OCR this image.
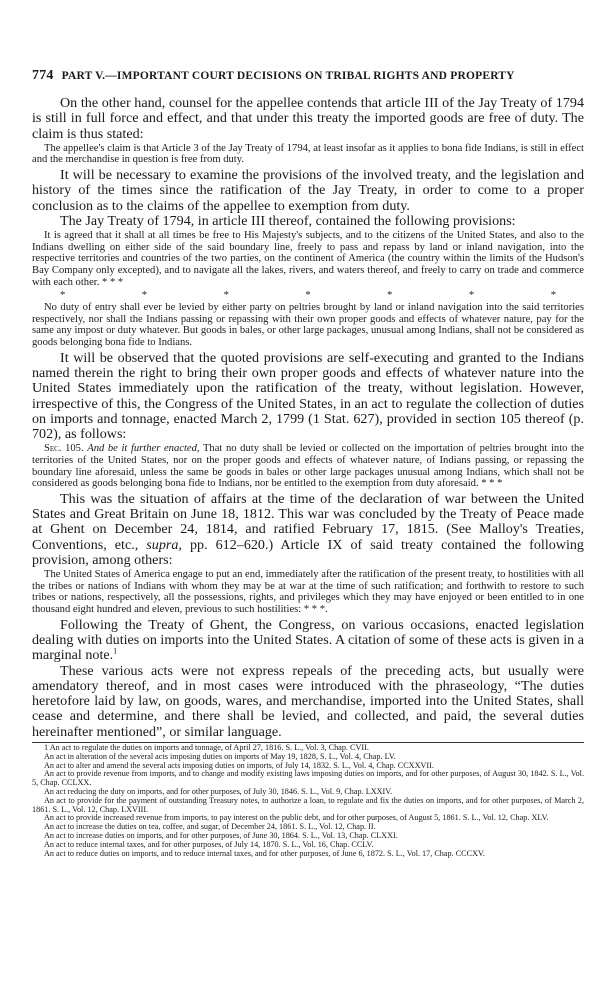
774 PART V.—IMPORTANT COURT DECISIONS ON TRIBAL RIGHTS AND PROPERTY

On the other hand, counsel for the appellee contends that article III of the Jay Treaty of 1794 is still in full force and effect, and that under this treaty the imported goods are free of duty. The claim is thus stated:

The appellee's claim is that Article 3 of the Jay Treaty of 1794, at least insofar as it applies to bona fide Indians, is still in effect and the merchandise in question is free from duty.

It will be necessary to examine the provisions of the involved treaty, and the legislation and history of the times since the ratification of the Jay Treaty, in order to come to a proper conclusion as to the claims of the appellee to exemption from duty.

The Jay Treaty of 1794, in article III thereof, contained the following provisions:

It is agreed that it shall at all times be free to His Majesty's subjects, and to the citizens of the United States, and also to the Indians dwelling on either side of the said boundary line, freely to pass and repass by land or inland navigation, into the respective territories and countries of the two parties, on the continent of America (the country within the limits of the Hudson's Bay Company only excepted), and to navigate all the lakes, rivers, and waters thereof, and freely to carry on trade and commerce with each other. * * *

*	*	*	*	*	*	*

No duty of entry shall ever be levied by either party on peltries brought by land or inland navigation into the said territories respectively, nor shall the Indians passing or repassing with their own proper goods and effects of whatever nature, pay for the same any impost or duty whatever. But goods in bales, or other large packages, unusual among Indians, shall not be considered as goods belonging bona fide to Indians.

It will be observed that the quoted provisions are self-executing and granted to the Indians named therein the right to bring their own proper goods and effects of whatever nature into the United States immediately upon the ratification of the treaty, without legislation. However, irrespective of this, the Congress of the United States, in an act to regulate the collection of duties on imports and tonnage, enacted March 2, 1799 (1 Stat. 627), provided in section 105 thereof (p. 702), as follows:

Sec. 105. And be it further enacted, That no duty shall be levied or collected on the importation of peltries brought into the territories of the United States, nor on the proper goods and effects of whatever nature, of Indians passing, or repassing the boundary line aforesaid, unless the same be goods in bales or other large packages unusual among Indians, which shall not be considered as goods belonging bona fide to Indians, nor be entitled to the exemption from duty aforesaid. * * *

This was the situation of affairs at the time of the declaration of war between the United States and Great Britain on June 18, 1812. This war was concluded by the Treaty of Peace made at Ghent on December 24, 1814, and ratified February 17, 1815. (See Malloy's Treaties, Conventions, etc., supra, pp. 612–620.) Article IX of said treaty contained the following provision, among others:

The United States of America engage to put an end, immediately after the ratification of the present treaty, to hostilities with all the tribes or nations of Indians with whom they may be at war at the time of such ratification; and forthwith to restore to such tribes or nations, respectively, all the possessions, rights, and privileges which they may have enjoyed or been entitled to in one thousand eight hundred and eleven, previous to such hostilities: * * *.

Following the Treaty of Ghent, the Congress, on various occasions, enacted legislation dealing with duties on imports into the United States. A citation of some of these acts is given in a marginal note.$^1$

These various acts were not express repeals of the preceding acts, but usually were amendatory thereof, and in most cases were introduced with the phraseology, “The duties heretofore laid by law, on goods, wares, and merchandise, imported into the United States, shall cease and determine, and there shall be levied, and collected, and paid, the several duties hereinafter mentioned”, or similar language.

1 An act to regulate the duties on imports and tonnage, of April 27, 1816. S. L., Vol. 3, Chap. CVII.

An act in alteration of the several acts imposing duties on imports of May 19, 1828, S. L., Vol. 4, Chap. LV.

An act to alter and amend the several acts imposing duties on imports, of July 14, 1832. S. L., Vol. 4, Chap. CCXXVII.

An act to provide revenue from imports, and to change and modify existing laws imposing duties on imports, and for other purposes, of August 30, 1842. S. L., Vol. 5, Chap. CCLXX.

An act reducing the duty on imports, and for other purposes, of July 30, 1846. S. L., Vol. 9, Chap. LXXIV.

An act to provide for the payment of outstanding Treasury notes, to authorize a loan, to regulate and fix the duties on imports, and for other purposes, of March 2, 1861. S. L., Vol. 12, Chap. LXVIII.

An act to provide increased revenue from imports, to pay interest on the public debt, and for other purposes, of August 5, 1861. S. L., Vol. 12, Chap. XLV.

An act to increase the duties on tea, coffee, and sugar, of December 24, 1861. S. L., Vol. 12, Chap. II.

An act to increase duties on imports, and for other purposes, of June 30, 1864. S. L., Vol. 13, Chap. CLXXI.

An act to reduce internal taxes, and for other purposes, of July 14, 1870. S. L., Vol. 16, Chap. CCLV.

An act to reduce duties on imports, and to reduce internal taxes, and for other purposes, of June 6, 1872. S. L., Vol. 17, Chap. CCCXV.
